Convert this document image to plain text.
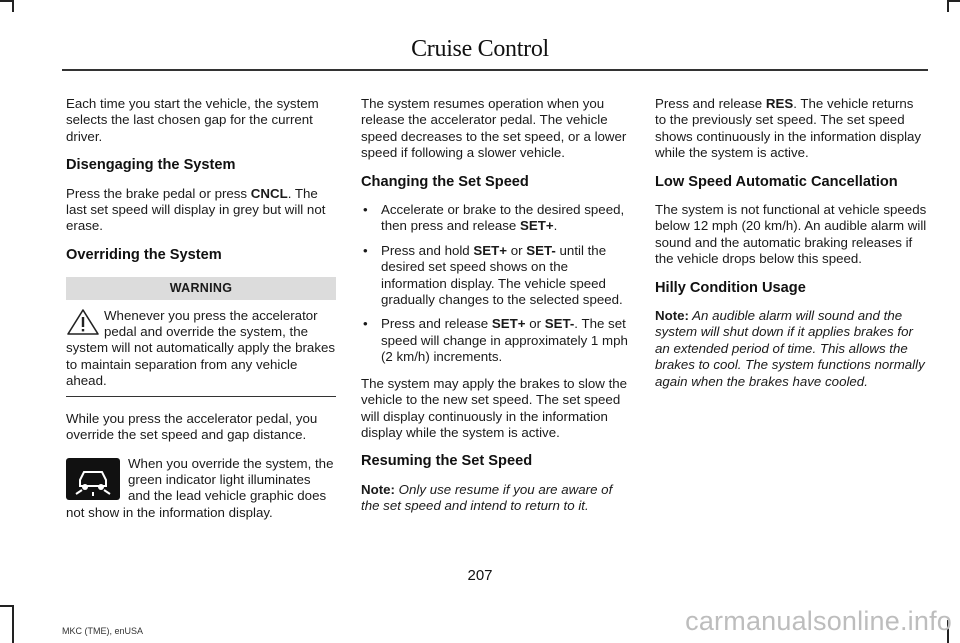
Cruise Control

Each time you start the vehicle, the system selects the last chosen gap for the current driver.

Disengaging the System

Press the brake pedal or press CNCL. The last set speed will display in grey but will not erase.

Overriding the System
WARNING

Whenever you press the accelerator pedal and override the system, the system will not automatically apply the brakes to maintain separation from any vehicle ahead.

While you press the accelerator pedal, you override the set speed and gap distance.

When you override the system, the green indicator light illuminates and the lead vehicle graphic does not show in the information display.

The system resumes operation when you release the accelerator pedal. The vehicle speed decreases to the set speed, or a lower speed if following a slower vehicle.

Changing the Set Speed
• Accelerate or brake to the desired speed, then press and release SET+.
• Press and hold SET+ or SET- until the desired set speed shows on the information display. The vehicle speed gradually changes to the selected speed.
• Press and release SET+ or SET-. The set speed will change in approximately 1 mph (2 km/h) increments.

The system may apply the brakes to slow the vehicle to the new set speed. The set speed will display continuously in the information display while the system is active.

Resuming the Set Speed

Note: Only use resume if you are aware of the set speed and intend to return to it.

Press and release RES. The vehicle returns to the previously set speed. The set speed shows continuously in the information display while the system is active.

Low Speed Automatic Cancellation

The system is not functional at vehicle speeds below 12 mph (20 km/h). An audible alarm will sound and the automatic braking releases if the vehicle drops below this speed.

Hilly Condition Usage

Note: An audible alarm will sound and the system will shut down if it applies brakes for an extended period of time. This allows the brakes to cool. The system functions normally again when the brakes have cooled.

207
MKC (TME), enUSA	carmanualsonline.info
